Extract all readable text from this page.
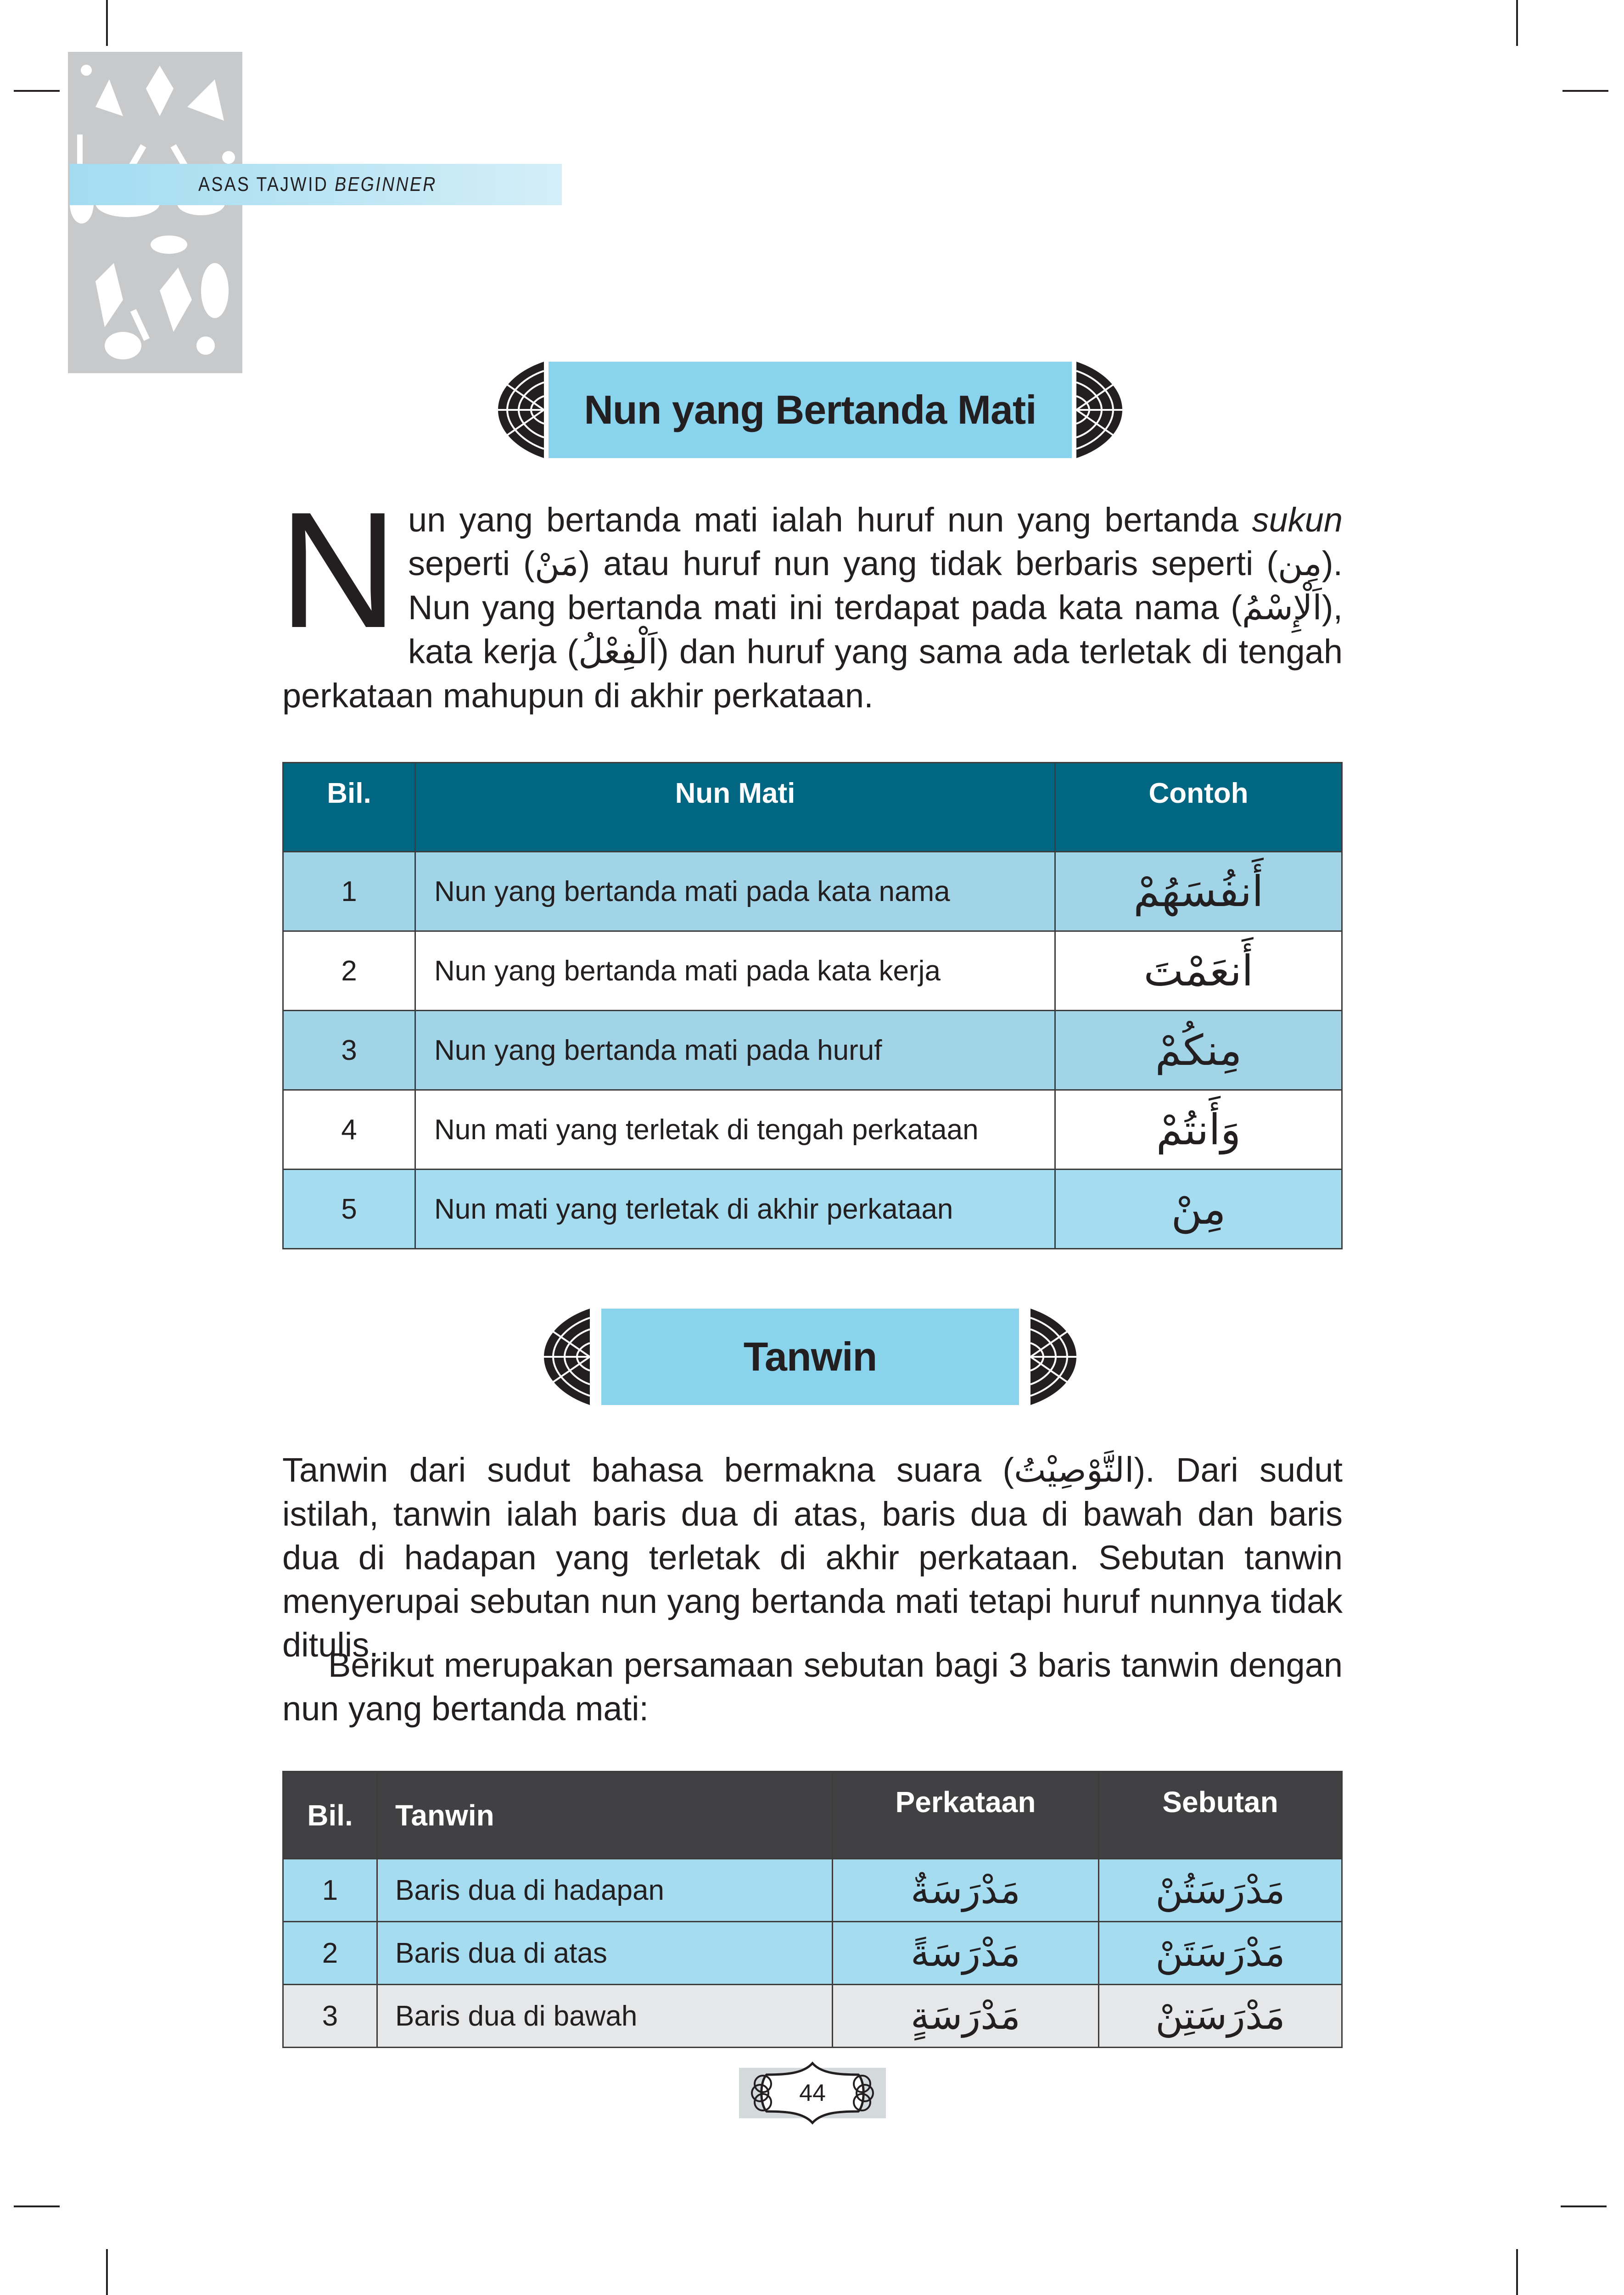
ASAS TAJWID BEGINNER
Nun yang Bertanda Mati
Nun yang bertanda mati ialah huruf nun yang bertanda sukun seperti (مَنْ) atau huruf nun yang tidak berbaris seperti (مِن). Nun yang bertanda mati ini terdapat pada kata nama (اَلْإِسْمُ), kata kerja (اَلْفِعْلُ) dan huruf yang sama ada terletak di tengah perkataan mahupun di akhir perkataan.
Bil.	Nun Mati	Contoh
1	Nun yang bertanda mati pada kata nama	أَنفُسَهُمْ
2	Nun yang bertanda mati pada kata kerja	أَنعَمْتَ
3	Nun yang bertanda mati pada huruf	مِنكُمْ
4	Nun mati yang terletak di tengah perkataan	وَأَنتُمْ
5	Nun mati yang terletak di akhir perkataan	مِنْ
Tanwin
Tanwin dari sudut bahasa bermakna suara (التَّوْصِيْتُ). Dari sudut istilah, tanwin ialah baris dua di atas, baris dua di bawah dan baris dua di hadapan yang terletak di akhir perkataan. Sebutan tanwin menyerupai sebutan nun yang bertanda mati tetapi huruf nunnya tidak ditulis.
Berikut merupakan persamaan sebutan bagi 3 baris tanwin dengan nun yang bertanda mati:
Bil.	Tanwin	Perkataan	Sebutan
1	Baris dua di hadapan	مَدْرَسَةٌ	مَدْرَسَتُنْ
2	Baris dua di atas	مَدْرَسَةً	مَدْرَسَتَنْ
3	Baris dua di bawah	مَدْرَسَةٍ	مَدْرَسَتِنْ
44
